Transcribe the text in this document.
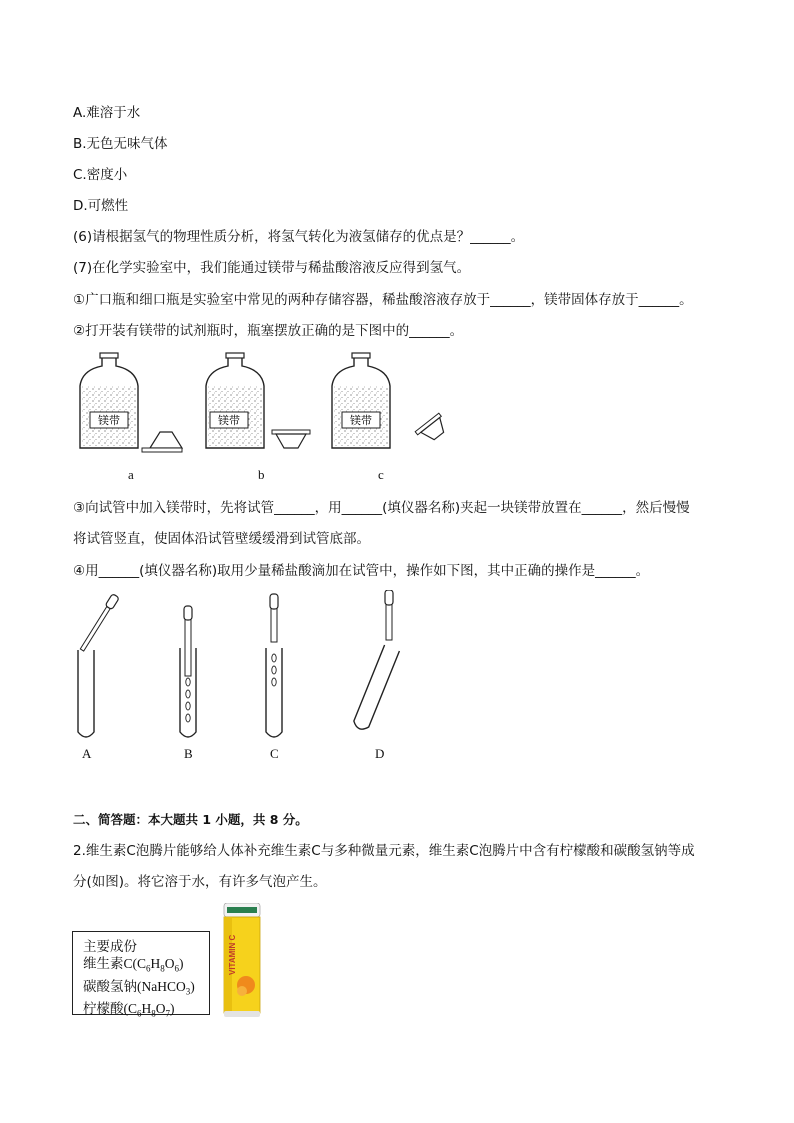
A.难溶于水
B.无色无味气体
C.密度小
D.可燃性
(6)请根据氢气的物理性质分析，将氢气转化为液氢储存的优点是？______。
(7)在化学实验室中，我们能通过镁带与稀盐酸溶液反应得到氢气。
①广口瓶和细口瓶是实验室中常见的两种存储容器，稀盐酸溶液存放于______，镁带固体存放于______。
②打开装有镁带的试剂瓶时，瓶塞摆放正确的是下图中的______。
镁带	镁带	镁带
a	b	c
③向试管中加入镁带时，先将试管______，用______(填仪器名称)夹起一块镁带放置在______，然后慢慢
将试管竖直，使固体沿试管壁缓缓滑到试管底部。
④用______(填仪器名称)取用少量稀盐酸滴加在试管中，操作如下图，其中正确的操作是______。
A	B	C	D
二、简答题：本大题共 1 小题，共 8 分。
2.维生素C泡腾片能够给人体补充维生素C与多种微量元素，维生素C泡腾片中含有柠檬酸和碳酸氢钠等成
分(如图)。将它溶于水，有许多气泡产生。
主要成份
维生素$C(C_6H_8O_6)$
碳酸氢钠(NaHCO$_3$)
柠檬酸$(C_6H_8O_7)$
VITAMIN C
